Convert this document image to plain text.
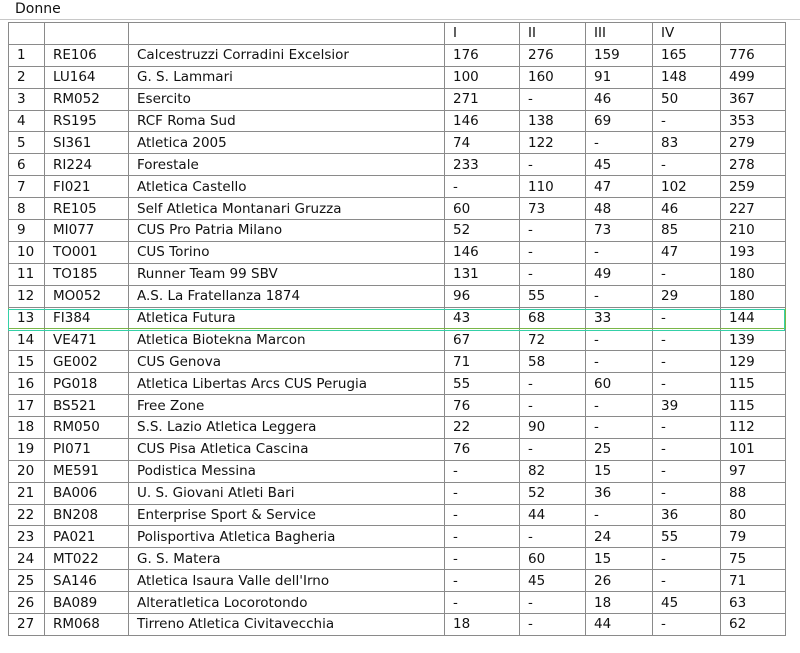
Donne
			I	II	III	IV	
1	RE106	Calcestruzzi Corradini Excelsior	176	276	159	165	776
2	LU164	G. S. Lammari	100	160	91	148	499
3	RM052	Esercito	271	-	46	50	367
4	RS195	RCF Roma Sud	146	138	69	-	353
5	SI361	Atletica 2005	74	122	-	83	279
6	RI224	Forestale	233	-	45	-	278
7	FI021	Atletica Castello	-	110	47	102	259
8	RE105	Self Atletica Montanari Gruzza	60	73	48	46	227
9	MI077	CUS Pro Patria Milano	52	-	73	85	210
10	TO001	CUS Torino	146	-	-	47	193
11	TO185	Runner Team 99 SBV	131	-	49	-	180
12	MO052	A.S. La Fratellanza 1874	96	55	-	29	180
13	FI384	Atletica Futura	43	68	33	-	144
14	VE471	Atletica Biotekna Marcon	67	72	-	-	139
15	GE002	CUS Genova	71	58	-	-	129
16	PG018	Atletica Libertas Arcs CUS Perugia	55	-	60	-	115
17	BS521	Free Zone	76	-	-	39	115
18	RM050	S.S. Lazio Atletica Leggera	22	90	-	-	112
19	PI071	CUS Pisa Atletica Cascina	76	-	25	-	101
20	ME591	Podistica Messina	-	82	15	-	97
21	BA006	U. S. Giovani Atleti Bari	-	52	36	-	88
22	BN208	Enterprise Sport & Service	-	44	-	36	80
23	PA021	Polisportiva Atletica Bagheria	-	-	24	55	79
24	MT022	G. S. Matera	-	60	15	-	75
25	SA146	Atletica Isaura Valle dell'Irno	-	45	26	-	71
26	BA089	Alteratletica Locorotondo	-	-	18	45	63
27	RM068	Tirreno Atletica Civitavecchia	18	-	44	-	62
